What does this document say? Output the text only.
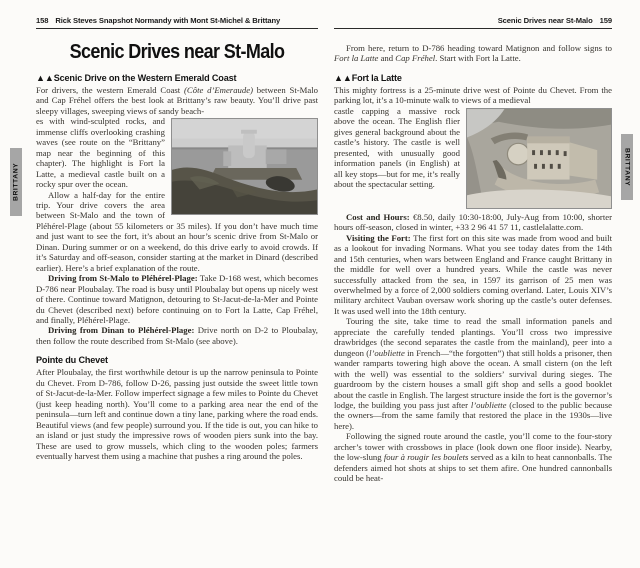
BRITTANY	BRITTANY
158 Rick Steves Snapshot Normandy with Mont St-Michel & Brittany
Scenic Drives near St-Malo
▲▲Scenic Drive on the Western Emerald Coast

For drivers, the western Emerald Coast (Côte d’Emeraude) between St-Malo and Cap Fréhel offers the best look at Brittany’s raw beauty. You’ll drive past sleepy villages, sweeping views of sandy beach-

es with wind-sculpted rocks, and immense cliffs overlooking crashing waves (see route on the “Brittany” map near the beginning of this chapter). The highlight is Fort la Latte, a medieval castle built on a rocky spur over the ocean.

Allow a half-day for the entire trip. Your drive covers the area between St-Malo and the town of Pléhérel-Plage (about 55 kilometers or 35 miles). If you don’t have much time and just want to see the fort, it’s about an hour’s scenic drive from St-Malo or Dinan. During summer or on a weekend, do this drive early to avoid crowds. If it’s Saturday and off-season, consider starting at the market in Dinard (described earlier). Here’s a brief explanation of the route.

Driving from St-Malo to Pléhérel-Plage: Take D-168 west, which becomes D-786 near Ploubalay. The road is busy until Ploubalay but opens up nicely west of there. Continue toward Matignon, detouring to St-Jacut-de-la-Mer and Pointe du Chevet (described next) before continuing on to Fort la Latte, Cap Fréhel, and finally, Pléhérel-Plage.

Driving from Dinan to Pléhérel-Plage: Drive north on D-2 to Ploubalay, then follow the route described from St-Malo (see above).

Pointe du Chevet

After Ploubalay, the first worthwhile detour is up the narrow peninsula to Pointe du Chevet. From D-786, follow D-26, passing just outside the sweet little town of St-Jacut-de-la-Mer. Follow imperfect signage a few miles to Pointe du Chevet (just keep heading north). You’ll come to a parking area near the end of the peninsula—turn left and continue down a tiny lane, parking where the road ends. Beautiful views (and few people) surround you. If the tide is out, you can hike to an island or just study the impressive rows of wooden piers sunk into the bay. These are used to grow mussels, which cling to the wooden poles; farmers eventually harvest them using a machine that pushes a ring around the poles.

Scenic Drives near St-Malo 159

From here, return to D-786 heading toward Matignon and follow signs to Fort la Latte and Cap Fréhel. Start with Fort la Latte.

▲▲Fort la Latte

This mighty fortress is a 25-minute drive west of Pointe du Chevet. From the parking lot, it’s a 10-minute walk to views of a medieval

castle capping a massive rock above the ocean. The English flier gives general background about the castle’s history. The castle is well presented, with unusually good information panels (in English) at all key stops—but for me, it’s really about the spectacular setting.

Cost and Hours: €8.50, daily 10:30-18:00, July-Aug from 10:00, shorter hours off-season, closed in winter, +33 2 96 41 57 11, castlelalatte.com.

Visiting the Fort: The first fort on this site was made from wood and built as a lookout for invading Normans. What you see today dates from the 14th and 15th centuries, when wars between England and France caught Brittany in the middle for well over a hundred years. While the castle was never successfully attacked from the sea, in 1597 its garrison of 25 men was overwhelmed by a force of 2,000 soldiers coming overland. Later, Louis XIV’s military architect Vauban oversaw work shoring up the castle’s outer defenses. It was used well into the 18th century.

Touring the site, take time to read the small information panels and appreciate the carefully tended plantings. You’ll cross two impressive drawbridges (the second separates the castle from the mainland), peer into a dungeon (l’oubliette in French—“the forgotten”) that still holds a prisoner, then wander ramparts towering high above the ocean. A small cistern (on the left with the well) was essential to the soldiers’ survival during sieges. The guardroom by the cistern houses a small gift shop and sells a good booklet about the castle in English. The largest structure inside the fort is the governor’s lodge, the building you pass just after l’oubliette (closed to the public because the owners—from the same family that restored the place in the 1930s—live here).

Following the signed route around the castle, you’ll come to the four-story archer’s tower with crossbows in place (look down one floor inside). Nearby, the low-slung four à rougir les boulets served as a kiln to heat cannonballs. The defenders aimed hot shots at ships to set them afire. One hundred cannonballs could be heat-
